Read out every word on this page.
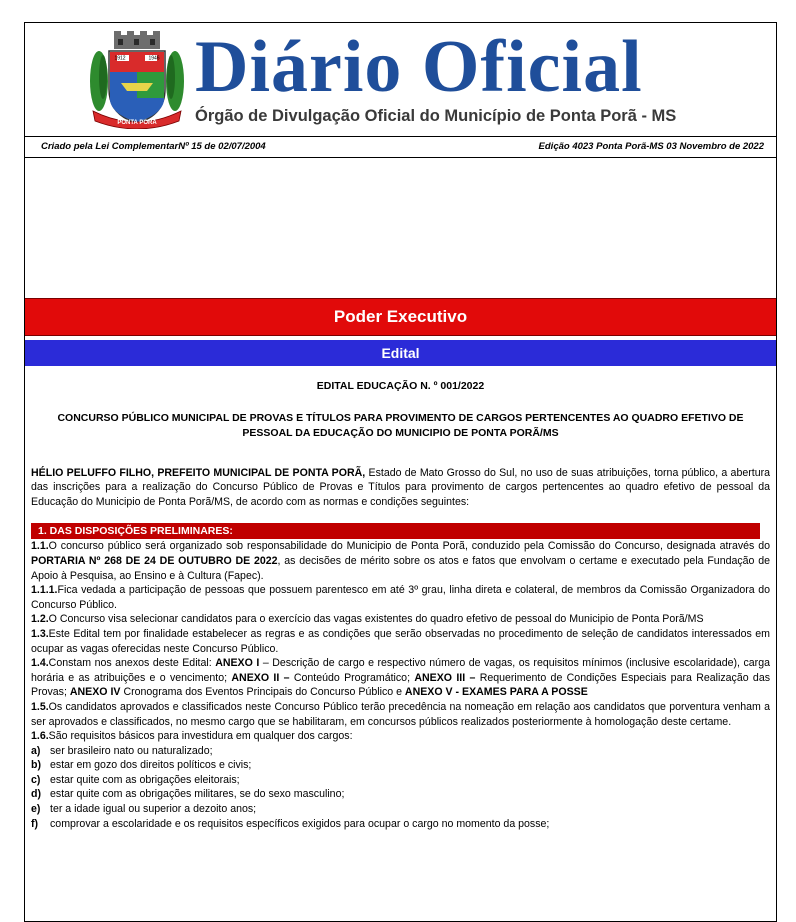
PONTA PORÃ
1912	1946 Diário Oficial
Órgão de Divulgação Oficial do Município de Ponta Porã - MS
Criado pela Lei ComplementarNº 15 de 02/07/2004	Edição 4023 Ponta Porã-MS 03 Novembro de 2022
Poder Executivo
Edital
EDITAL EDUCAÇÃO N. º 001/2022
CONCURSO PÚBLICO MUNICIPAL DE PROVAS E TÍTULOS PARA PROVIMENTO DE CARGOS PERTENCENTES AO QUADRO EFETIVO DE PESSOAL DA EDUCAÇÃO DO MUNICIPIO DE PONTA PORÃ/MS

HÉLIO PELUFFO FILHO, PREFEITO MUNICIPAL DE PONTA PORÃ, Estado de Mato Grosso do Sul, no uso de suas atribuições, torna público, a abertura das inscrições para a realização do Concurso Público de Provas e Títulos para provimento de cargos pertencentes ao quadro efetivo de pessoal da Educação do Municipio de Ponta Porã/MS, de acordo com as normas e condições seguintes:

1. DAS DISPOSIÇÕES PRELIMINARES:

1.1.O concurso público será organizado sob responsabilidade do Municipio de Ponta Porã, conduzido pela Comissão do Concurso, designada através do PORTARIA Nº 268 DE 24 DE OUTUBRO DE 2022, as decisões de mérito sobre os atos e fatos que envolvam o certame e executado pela Fundação de Apoio à Pesquisa, ao Ensino e à Cultura (Fapec).

1.1.1.Fica vedada a participação de pessoas que possuem parentesco em até 3º grau, linha direta e colateral, de membros da Comissão Organizadora do Concurso Público.

1.2.O Concurso visa selecionar candidatos para o exercício das vagas existentes do quadro efetivo de pessoal do Municipio de Ponta Porã/MS

1.3.Este Edital tem por finalidade estabelecer as regras e as condições que serão observadas no procedimento de seleção de candidatos interessados em ocupar as vagas oferecidas neste Concurso Público.

1.4.Constam nos anexos deste Edital: ANEXO I – Descrição de cargo e respectivo número de vagas, os requisitos mínimos (inclusive escolaridade), carga horária e as atribuições e o vencimento; ANEXO II – Conteúdo Programático; ANEXO III – Requerimento de Condições Especiais para Realização das Provas; ANEXO IV Cronograma dos Eventos Principais do Concurso Público e ANEXO V - EXAMES PARA A POSSE

1.5.Os candidatos aprovados e classificados neste Concurso Público terão precedência na nomeação em relação aos candidatos que porventura venham a ser aprovados e classificados, no mesmo cargo que se habilitaram, em concursos públicos realizados posteriormente à homologação deste certame.

1.6.São requisitos básicos para investidura em qualquer dos cargos:

a) ser brasileiro nato ou naturalizado;
b) estar em gozo dos direitos políticos e civis;
c) estar quite com as obrigações eleitorais;
d) estar quite com as obrigações militares, se do sexo masculino;
e) ter a idade igual ou superior a dezoito anos;
f)	comprovar a escolaridade e os requisitos específicos exigidos para ocupar o cargo no momento da posse;
